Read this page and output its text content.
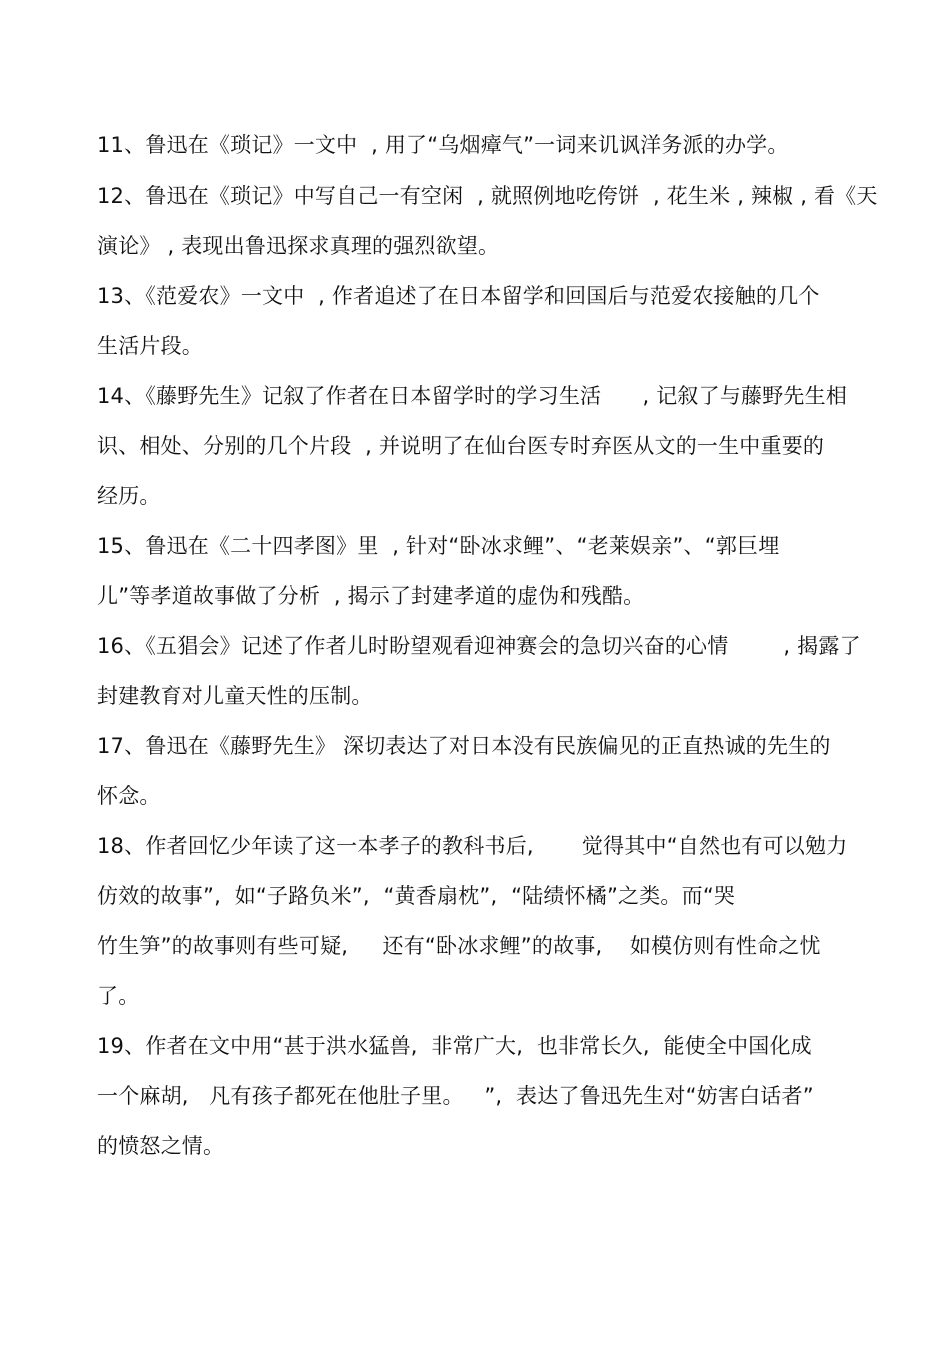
11、鲁迅在《琐记》一文中  , 用了“乌烟瘴气”一词来讥讽洋务派的办学。
12、鲁迅在《琐记》中写自己一有空闲  , 就照例地吃侉饼  , 花生米 , 辣椒 , 看《天
演论》 , 表现出鲁迅探求真理的强烈欲望。
13、《范爱农》一文中  , 作者追述了在日本留学和回国后与范爱农接触的几个
生活片段。
14、《藤野先生》记叙了作者在日本留学时的学习生活      , 记叙了与藤野先生相
识、相处、分别的几个片段  , 并说明了在仙台医专时弃医从文的一生中重要的
经历。
15、鲁迅在《二十四孝图》里  , 针对“卧冰求鲤”、“老莱娱亲”、“郭巨埋
儿”等孝道故事做了分析  , 揭示了封建孝道的虚伪和残酷。
16、《五猖会》记述了作者儿时盼望观看迎神赛会的急切兴奋的心情        , 揭露了
封建教育对儿童天性的压制。
17、鲁迅在《藤野先生》 深切表达了对日本没有民族偏见的正直热诚的先生的
怀念。
18、作者回忆少年读了这一本孝子的教科书后,       觉得其中“自然也有可以勉力
仿效的故事”,  如“子路负米”,  “黄香扇枕”,  “陆绩怀橘”之类。而“哭
竹生笋”的故事则有些可疑,     还有“卧冰求鲤”的故事,    如模仿则有性命之忧
了。
19、作者在文中用“甚于洪水猛兽,  非常广大,  也非常长久,  能使全中国化成
一个麻胡,   凡有孩子都死在他肚子里。   ”,  表达了鲁迅先生对“妨害白话者”
的愤怒之情。
